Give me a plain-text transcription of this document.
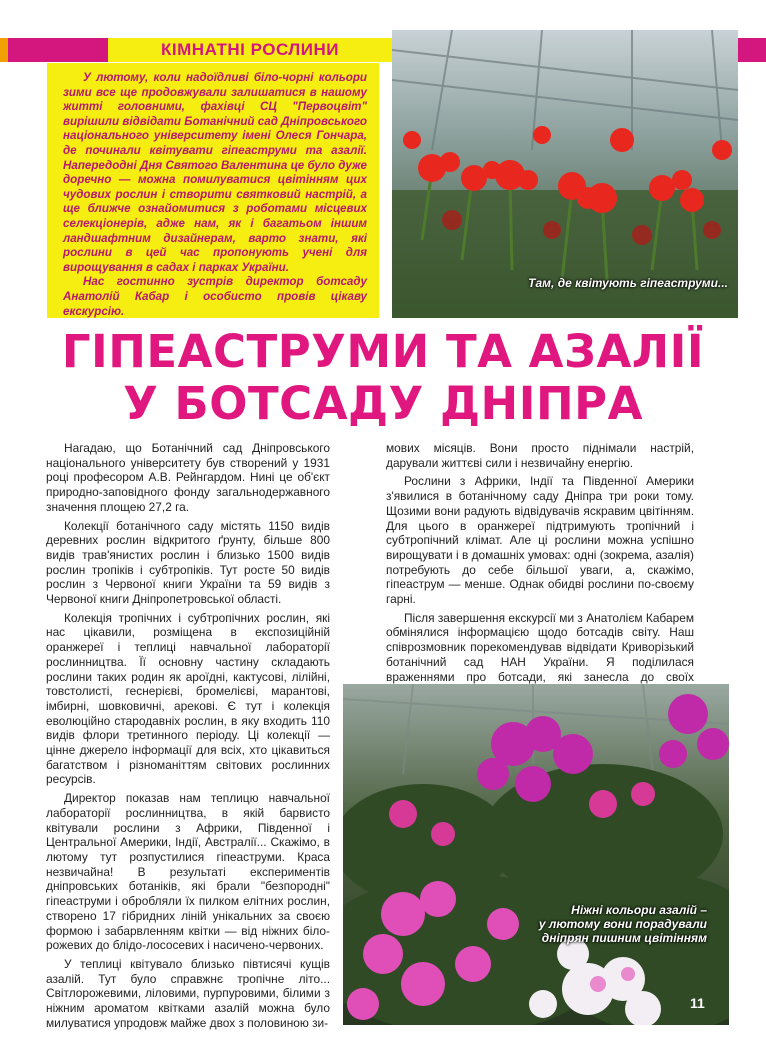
КІМНАТНІ РОСЛИНИ

У лютому, коли надоїдливі біло-чорні кольори зими все ще продовжували залишатися в нашому житті головними, фахівці СЦ "Первоцвіт" вирішили відвідати Ботанічний сад Дніпровського національного університету імені Олеся Гончара, де починали квітувати гіпеаструми та азалії. Напередодні Дня Святого Валентина це було дуже доречно — можна помилуватися цвітінням цих чудових рослин і створити святковий настрій, а ще ближче ознайомитися з роботами місцевих селекціонерів, адже нам, як і багатьом іншим ландшафтним дизайнерам, варто знати, які рослини в цей час пропонують учені для вирощування в садах і парках України.

Нас гостинно зустрів директор ботсаду Анатолій Кабар і особисто провів цікаву екскурсію.

Там, де квітують гіпеаструми...
ГІПЕАСТРУМИ ТА АЗАЛІЇ
У БОТСАДУ ДНІПРА

Нагадаю, що Ботанічний сад Дніпровського національного університету був створений у 1931 році професором А.В. Рейнгардом. Нині це об'єкт природно-заповідного фонду загальнодержавного значення площею 27,2 га.

Колекції ботанічного саду містять 1150 видів деревних рослин відкритого ґрунту, більше 800 видів трав'янистих рослин і близько 1500 видів рослин тропіків і субтропіків. Тут росте 50 видів рослин з Червоної книги України та 59 видів з Червоної книги Дніпропетровської області.

Колекція тропічних і субтропічних рослин, які нас цікавили, розміщена в експозиційній оранжереї і теплиці навчальної лабораторії рослинництва. Її основну частину складають рослини таких родин як ароїдні, кактусові, лілійні, товстолисті, геснерієві, бромелієві, марантові, імбирні, шовковичні, арекові. Є тут і колекція еволюційно стародавніх рослин, в яку входить 110 видів флори третинного періоду. Ці колекції — цінне джерело інформації для всіх, хто цікавиться багатством і різноманіттям світових рослинних ресурсів.

Директор показав нам теплицю навчальної лабораторії рослинництва, в якій барвисто квітували рослини з Африки, Південної і Центральної Америки, Індії, Австралії... Скажімо, в лютому тут розпустилися гіпеаструми. Краса незвичайна! В результаті експериментів дніпровських ботаніків, які брали "безпородні" гіпеаструми і обробляли їх пилком елітних рослин, створено 17 гібридних ліній унікальних за своєю формою і забарвленням квітки — від ніжних біло-рожевих до блідо-лососевих і насичено-червоних.

У теплиці квітувало близько півтисячі кущів азалій. Тут було справжнє тропічне літо... Світлорожевими, ліловими, пурпуровими, білими з ніжним ароматом квітками азалій можна було милуватися упродовж майже двох з половиною зи-

мових місяців. Вони просто піднімали настрій, дарували життєві сили і незвичайну енергію.

Рослини з Африки, Індії та Південної Америки з'явилися в ботанічному саду Дніпра три роки тому. Щозими вони радують відвідувачів яскравим цвітінням. Для цього в оранжереї підтримують тропічний і субтропічний клімат. Але ці рослини можна успішно вирощувати і в домашніх умовах: одні (зокрема, азалія) потребують до себе більшої уваги, а, скажімо, гіпеаструм — менше. Однак обидві рослини по-своєму гарні.

Після завершення екскурсії ми з Анатолієм Кабарем обмінялися інформацією щодо ботсадів світу. Наш співрозмовник порекомендував відвідати Криворізький ботанічний сад НАН України. Я поділилася враженнями про ботсади, які занесла до своїх

Ніжні кольори азалій –
у лютому вони порадували
дніпрян пишним цвітінням
11
